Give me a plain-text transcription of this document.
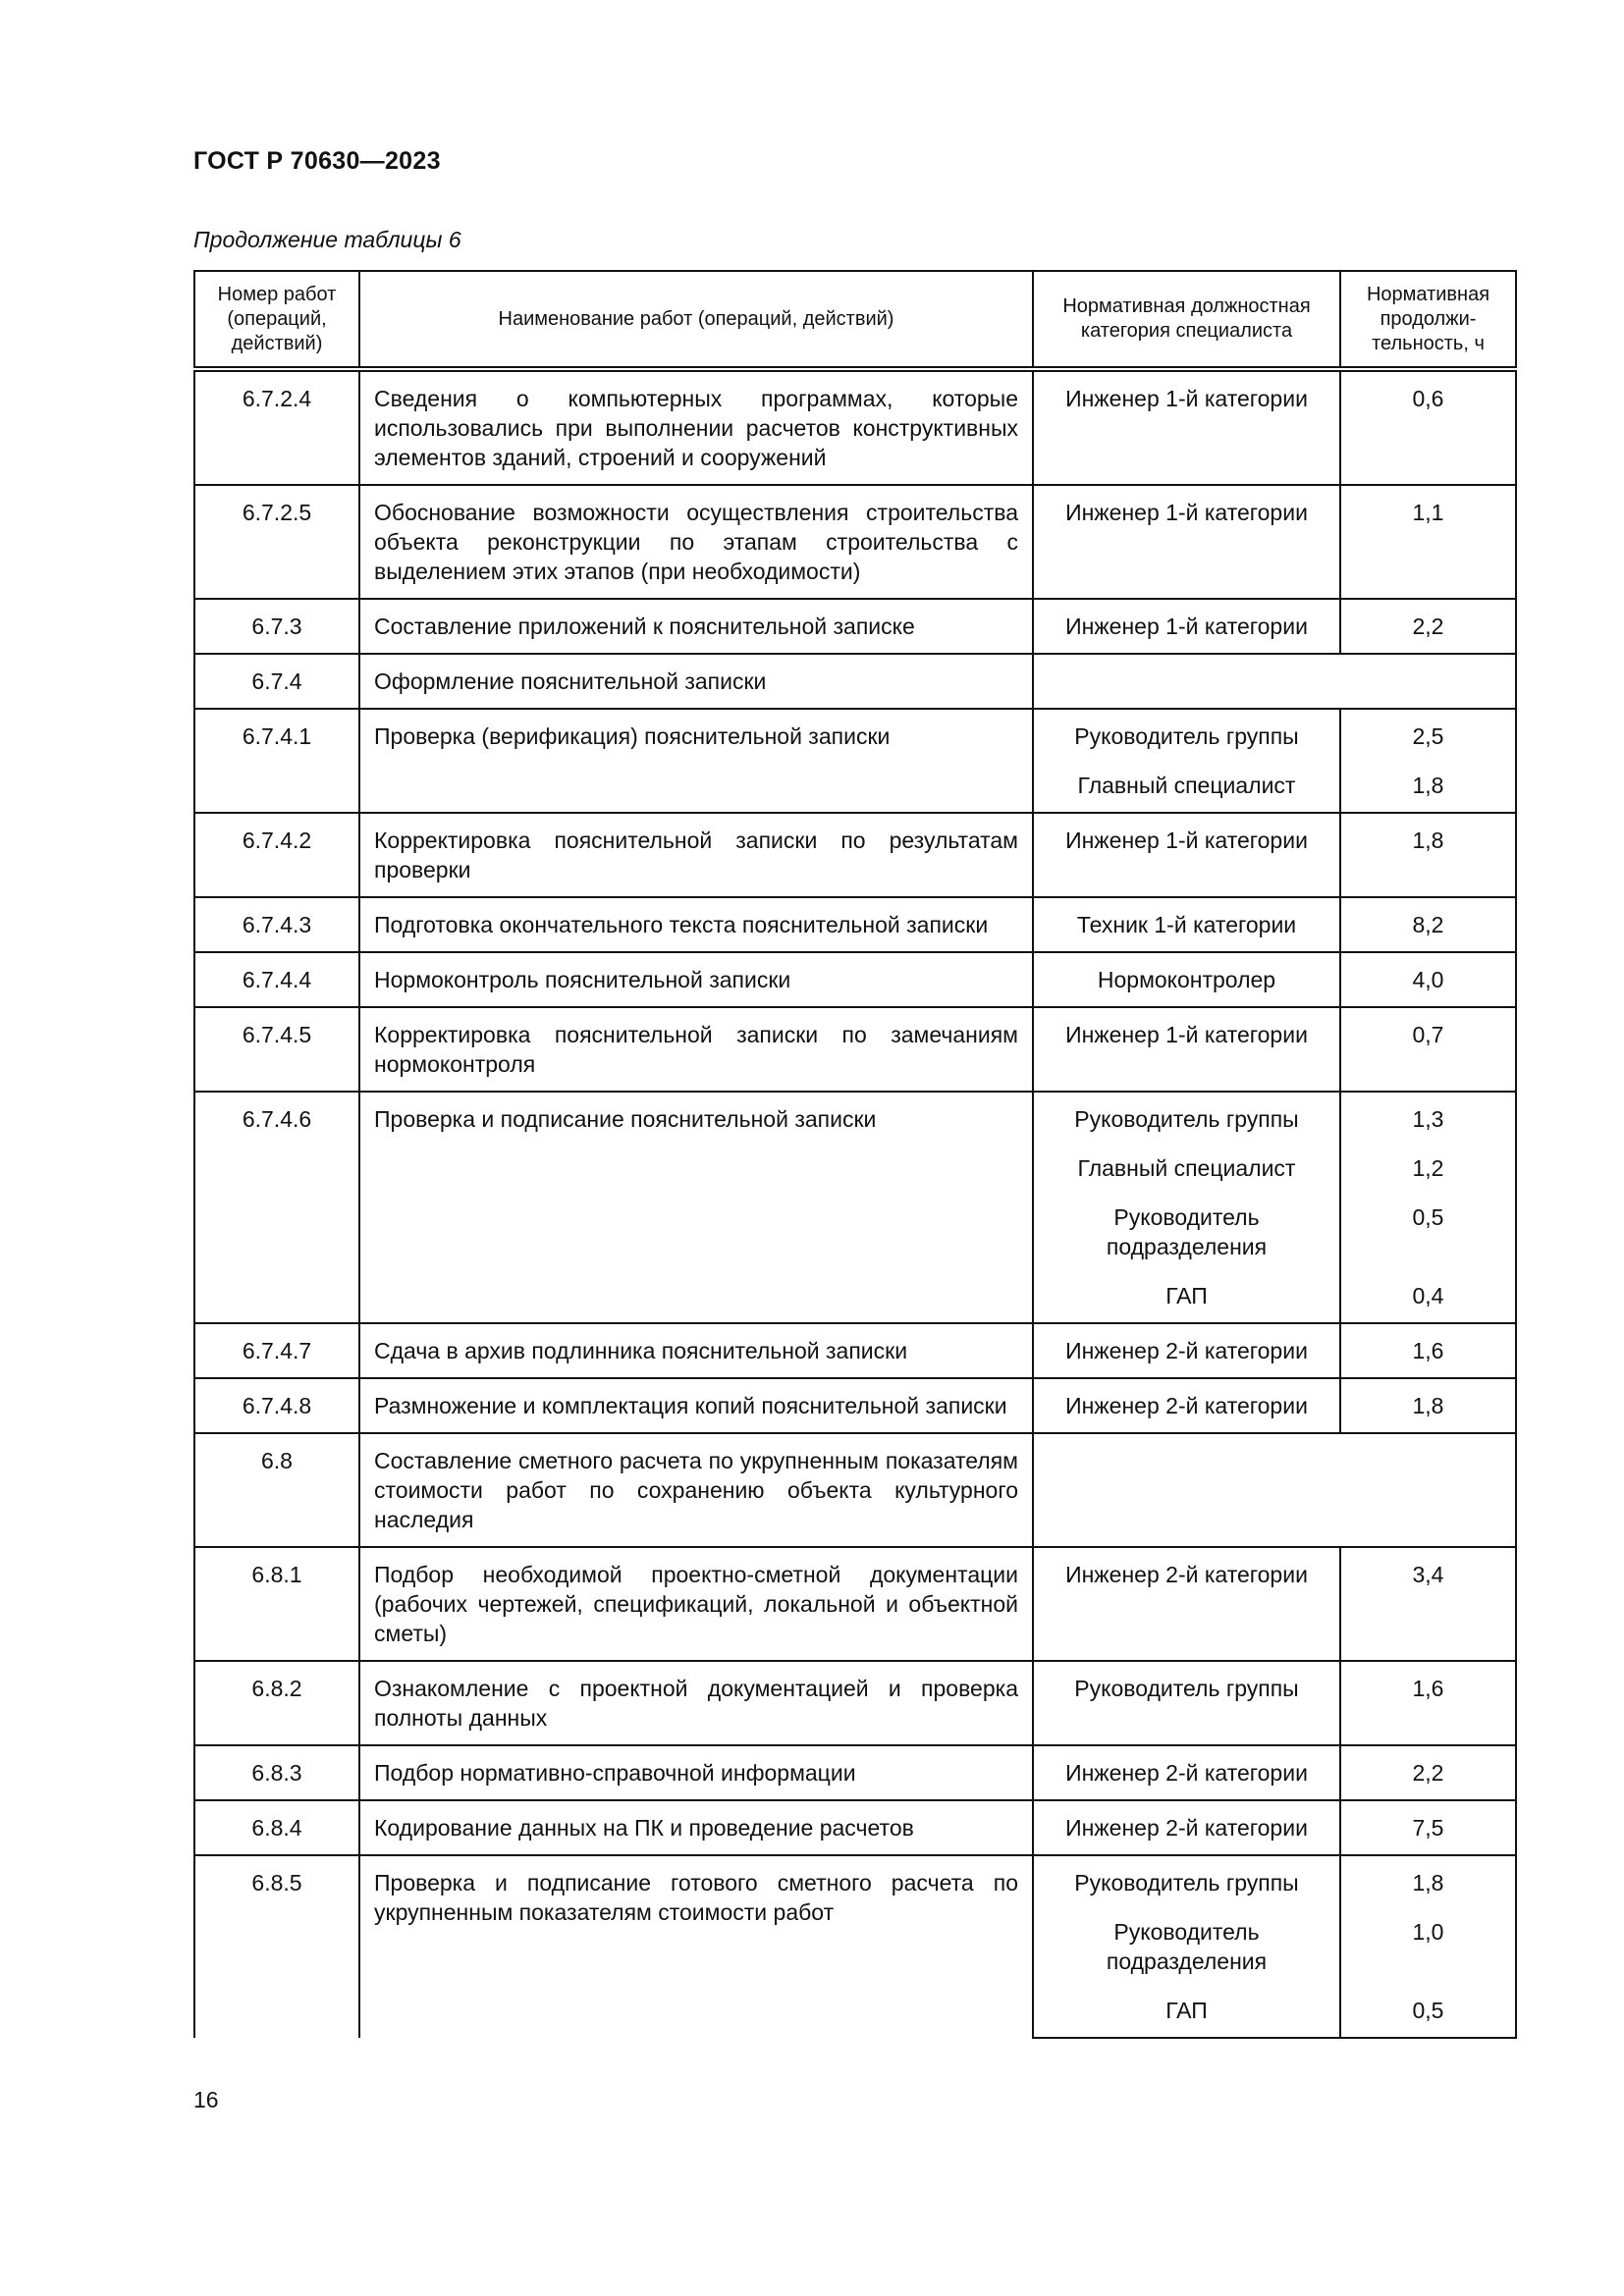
ГОСТ Р 70630—2023
Продолжение таблицы 6
Номер работ (операций, действий)	Наименование работ (операций, действий)	Нормативная должностная категория специалиста	Нормативная продолжи-тельность, ч

6.7.2.4	Сведения о компьютерных программах, которые использовались при выполнении расчетов конструктивных элементов зданий, строений и сооружений	Инженер 1-й категории	0,6

6.7.2.5	Обоснование возможности осуществления строительства объекта реконструкции по этапам строительства с выделением этих этапов (при необходимости)	Инженер 1-й категории	1,1

6.7.3	Составление приложений к пояснительной записке	Инженер 1-й категории	2,2

6.7.4	Оформление пояснительной записки		

6.7.4.1	Проверка (верификация) пояснительной записки	Руководитель группы	2,5

		Главный специалист	1,8

6.7.4.2	Корректировка пояснительной записки по результатам проверки	Инженер 1-й категории	1,8

6.7.4.3	Подготовка окончательного текста пояснительной записки	Техник 1-й категории	8,2

6.7.4.4	Нормоконтроль пояснительной записки	Нормоконтролер	4,0

6.7.4.5	Корректировка пояснительной записки по замечаниям нормоконтроля	Инженер 1-й категории	0,7

6.7.4.6	Проверка и подписание пояснительной записки	Руководитель группы	1,3

		Главный специалист	1,2

		Руководитель подразделения	0,5

		ГАП	0,4

6.7.4.7	Сдача в архив подлинника пояснительной записки	Инженер 2-й категории	1,6

6.7.4.8	Размножение и комплектация копий пояснительной записки	Инженер 2-й категории	1,8

6.8	Составление сметного расчета по укрупненным показателям стоимости работ по сохранению объекта культурного наследия		

6.8.1	Подбор необходимой проектно-сметной документации (рабочих чертежей, спецификаций, локальной и объектной сметы)	Инженер 2-й категории	3,4

6.8.2	Ознакомление с проектной документацией и проверка полноты данных	Руководитель группы	1,6

6.8.3	Подбор нормативно-справочной информации	Инженер 2-й категории	2,2

6.8.4	Кодирование данных на ПК и проведение расчетов	Инженер 2-й категории	7,5

6.8.5	Проверка и подписание готового сметного расчета по укрупненным показателям стоимости работ	Руководитель группы	1,8

		Руководитель подразделения	1,0

		ГАП	0,5
16
